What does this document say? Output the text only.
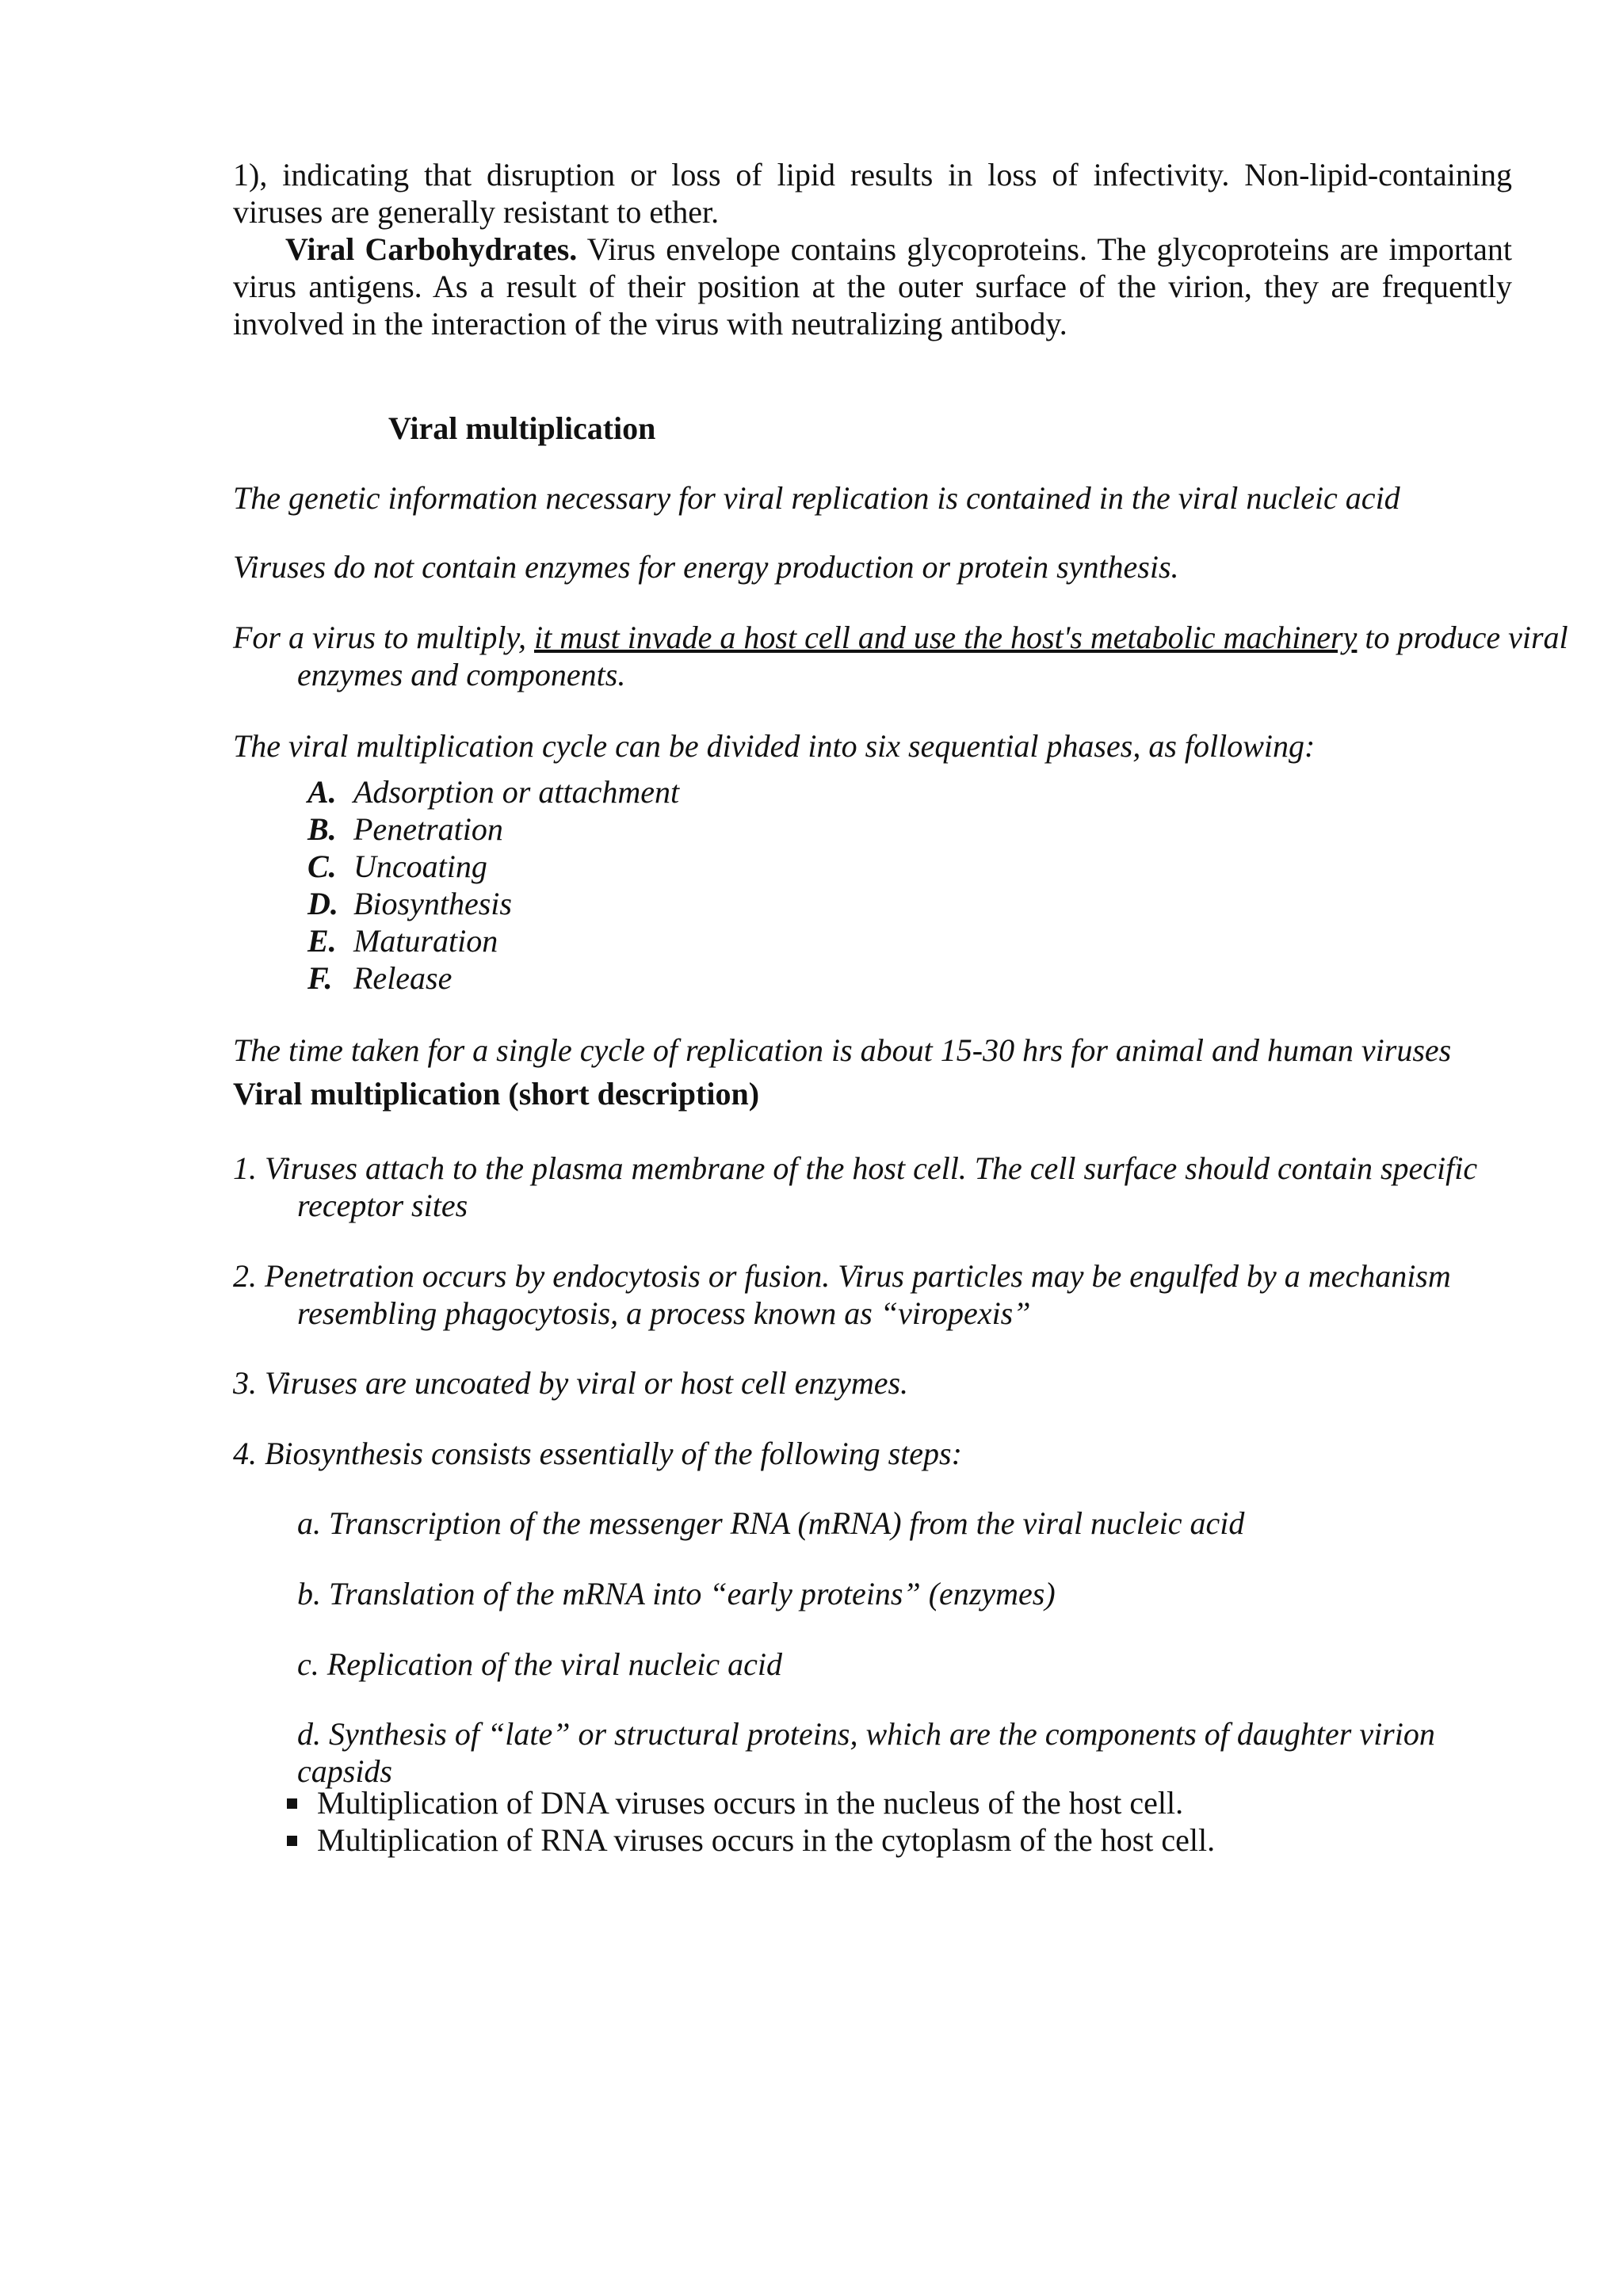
1), indicating that disruption or loss of lipid results in loss of infectivity. Non-lipid-containing viruses are generally resistant to ether.

Viral Carbohydrates. Virus envelope contains glycoproteins. The glycoproteins are important virus antigens. As a result of their position at the outer surface of the virion, they are frequently involved in the interaction of the virus with neutralizing antibody.

Viral multiplication
The genetic information necessary for viral replication is contained in the viral nucleic acid
Viruses do not contain enzymes for energy production or protein synthesis.
For a virus to multiply, it must invade a host cell and use the host's metabolic machinery to produce viral enzymes and components.
The viral multiplication cycle can be divided into six sequential phases, as following:
A. Adsorption or attachment
B. Penetration
C. Uncoating
D. Biosynthesis
E. Maturation
F. Release
The time taken for a single cycle of replication is about 15-30 hrs for animal and human viruses
Viral multiplication (short description)
1. Viruses attach to the plasma membrane of the host cell. The cell surface should contain specific receptor sites
2. Penetration occurs by endocytosis or fusion. Virus particles may be engulfed by a mechanism resembling phagocytosis, a process known as “viropexis”
3. Viruses are uncoated by viral or host cell enzymes.
4. Biosynthesis consists essentially of the following steps:
a. Transcription of the messenger RNA (mRNA) from the viral nucleic acid
b. Translation of the mRNA into “early proteins” (enzymes)
c. Replication of the viral nucleic acid
d. Synthesis of “late” or structural proteins, which are the components of daughter virion capsids
Multiplication of DNA viruses occurs in the nucleus of the host cell.
Multiplication of RNA viruses occurs in the cytoplasm of the host cell.
